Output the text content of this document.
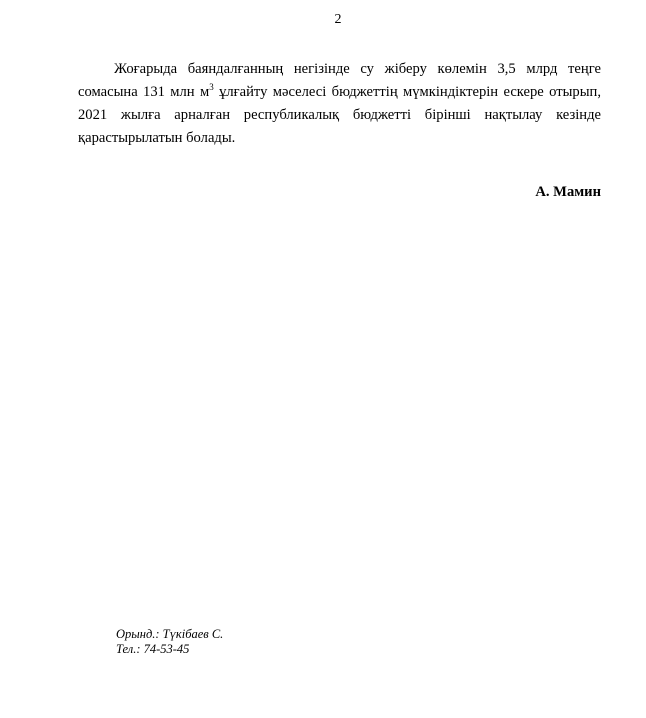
2

Жоғарыда баяндалғанның негізінде су жіберу көлемін 3,5 млрд теңге сомасына 131 млн $м^3$ ұлғайту мәселесі бюджеттің мүмкіндіктерін ескере отырып, 2021 жылға арналған республикалық бюджетті бірінші нақтылау кезінде қарастырылатын болады.

А. Мамин
Орынд.: Түкібаев С.
Тел.: 74-53-45
